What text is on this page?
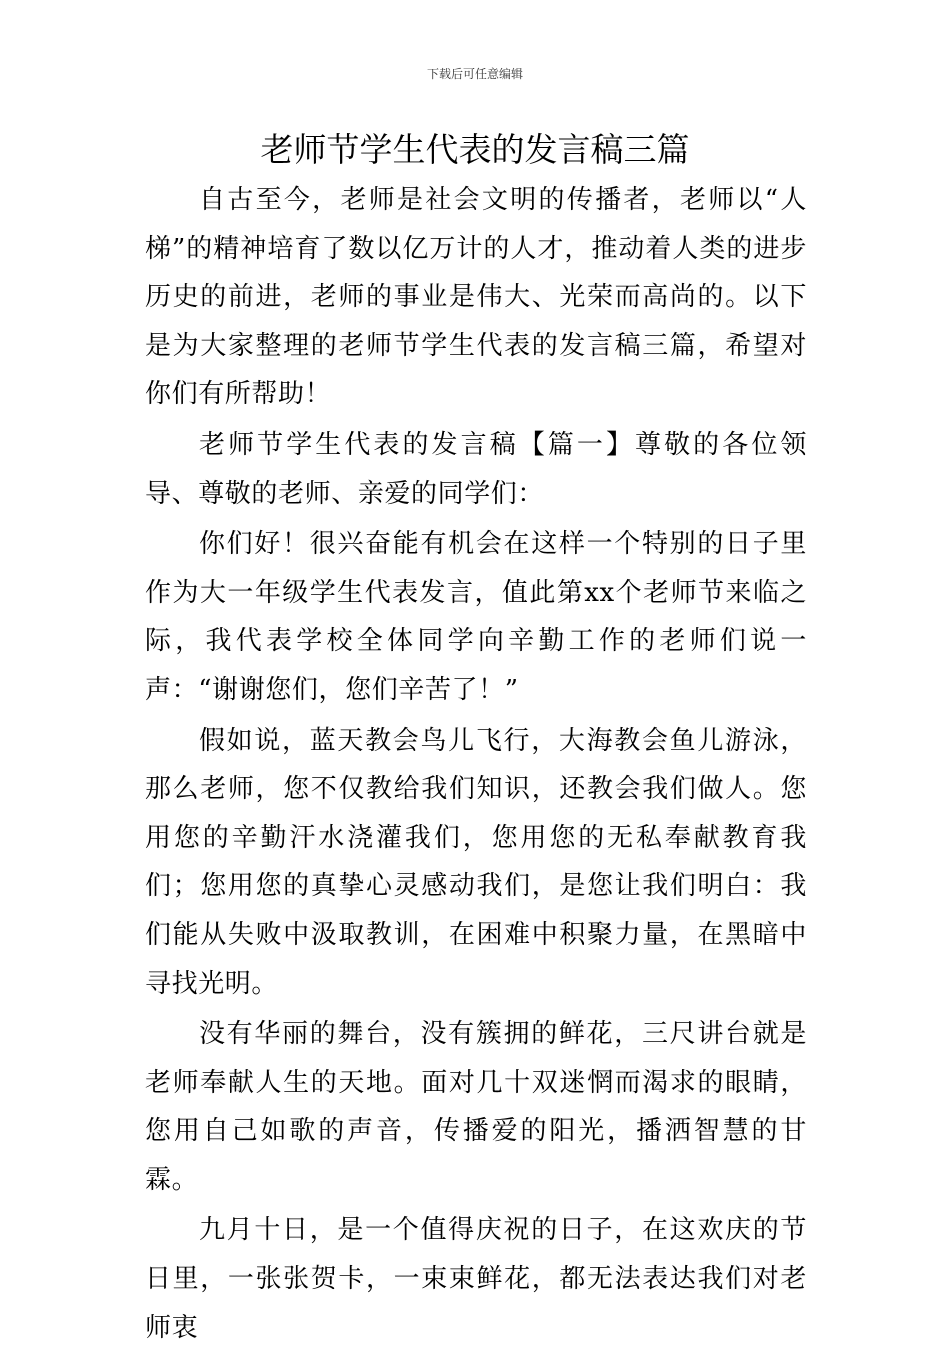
下载后可任意编辑
老师节学生代表的发言稿三篇

自古至今，老师是社会文明的传播者，老师以“人梯”的精神培育了数以亿万计的人才，推动着人类的进步历史的前进，老师的事业是伟大、光荣而高尚的。以下是为大家整理的老师节学生代表的发言稿三篇，希望对你们有所帮助！

老师节学生代表的发言稿【篇一】尊敬的各位领导、尊敬的老师、亲爱的同学们：

你们好！很兴奋能有机会在这样一个特别的日子里作为大一年级学生代表发言，值此第xx个老师节来临之际，我代表学校全体同学向辛勤工作的老师们说一声：“谢谢您们，您们辛苦了！”

假如说，蓝天教会鸟儿飞行，大海教会鱼儿游泳，那么老师，您不仅教给我们知识，还教会我们做人。您用您的辛勤汗水浇灌我们，您用您的无私奉献教育我们；您用您的真挚心灵感动我们，是您让我们明白：我们能从失败中汲取教训，在困难中积聚力量，在黑暗中寻找光明。

没有华丽的舞台，没有簇拥的鲜花，三尺讲台就是老师奉献人生的天地。面对几十双迷惘而渴求的眼睛，您用自己如歌的声音，传播爱的阳光，播洒智慧的甘霖。

九月十日，是一个值得庆祝的日子，在这欢庆的节日里，一张张贺卡，一束束鲜花，都无法表达我们对老师衷
